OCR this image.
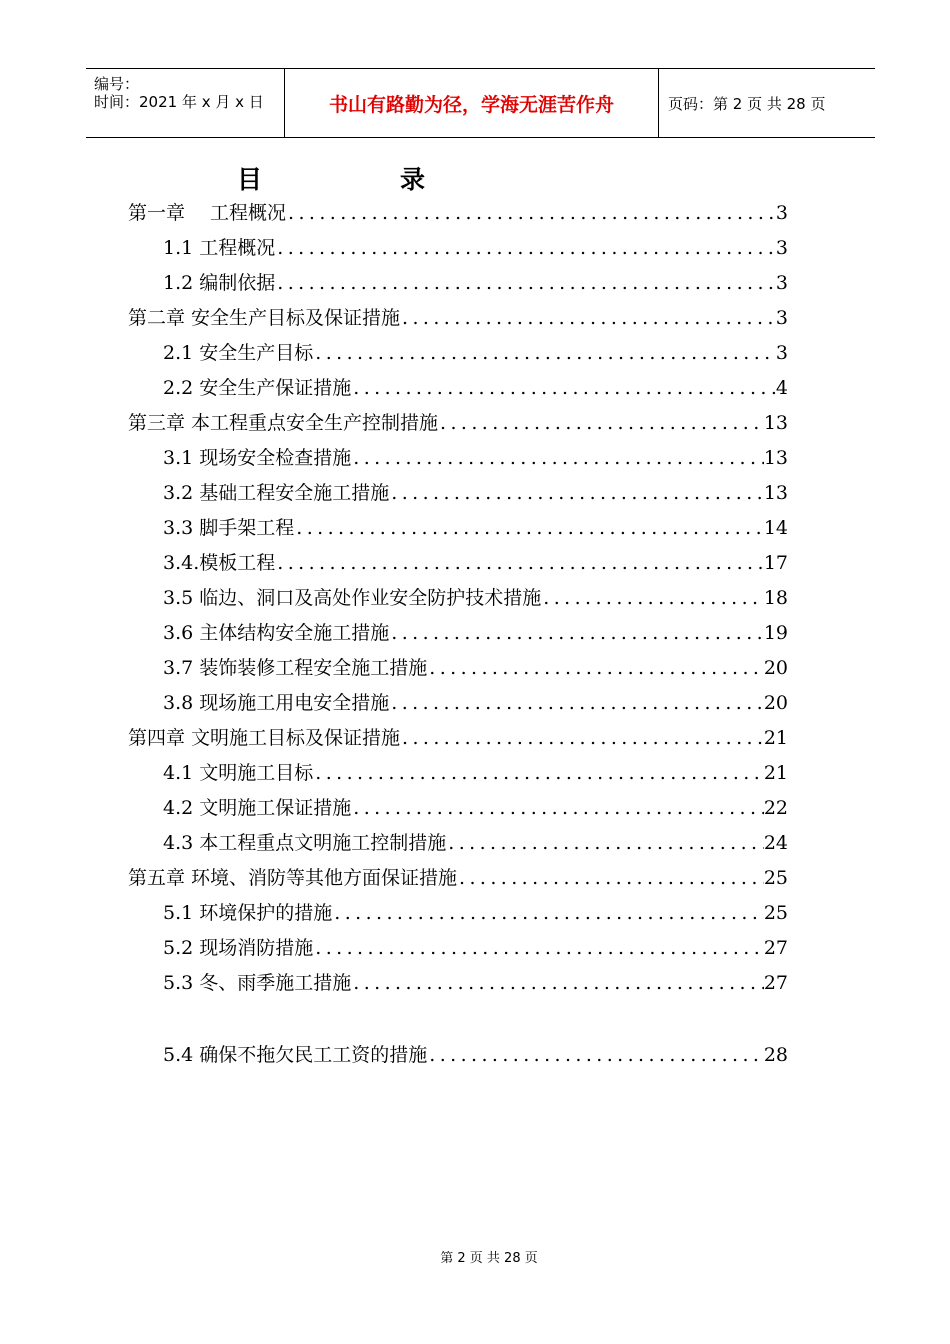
编号：
时间：2021 年 x 月 x 日	书山有路勤为径，学海无涯苦作舟	页码：第 2 页 共 28 页
目	录
第一章　 工程概况 .....	3
1.1 工程概况 .....	3
1.2 编制依据 .....	3
第二章 安全生产目标及保证措施 .....	3
2.1 安全生产目标 .....	3
2.2 安全生产保证措施 .....	4
第三章 本工程重点安全生产控制措施 .....	13
3.1 现场安全检查措施 .....	13
3.2 基础工程安全施工措施 .....	13
3.3 脚手架工程 .....	14
3.4.模板工程 .....	17
3.5 临边、洞口及高处作业安全防护技术措施 .....	18
3.6 主体结构安全施工措施 .....	19
3.7 装饰装修工程安全施工措施 .....	20
3.8 现场施工用电安全措施 .....	20
第四章 文明施工目标及保证措施 .....	21
4.1 文明施工目标 .....	21
4.2 文明施工保证措施 .....	22
4.3 本工程重点文明施工控制措施 .....	24
第五章 环境、消防等其他方面保证措施 .....	25
5.1 环境保护的措施 .....	25
5.2 现场消防措施 .....	27
5.3 冬、雨季施工措施 .....	27
5.4 确保不拖欠民工工资的措施 .....	28
第 2 页 共 28 页
